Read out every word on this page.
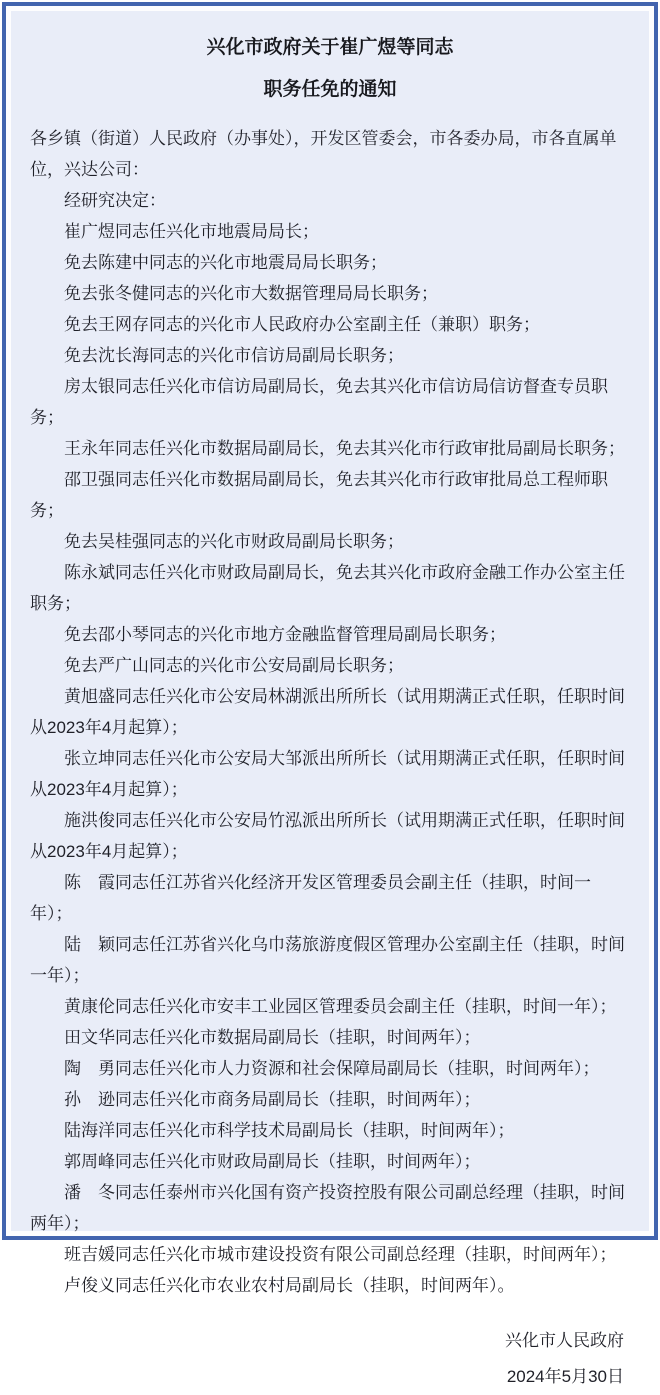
兴化市政府关于崔广煜等同志
职务任免的通知

各乡镇（街道）人民政府（办事处），开发区管委会，市各委办局，市各直属单位，兴达公司：

经研究决定：

崔广煜同志任兴化市地震局局长；

免去陈建中同志的兴化市地震局局长职务；

免去张冬健同志的兴化市大数据管理局局长职务；

免去王网存同志的兴化市人民政府办公室副主任（兼职）职务；

免去沈长海同志的兴化市信访局副局长职务；

房太银同志任兴化市信访局副局长，免去其兴化市信访局信访督查专员职务；

王永年同志任兴化市数据局副局长，免去其兴化市行政审批局副局长职务；

邵卫强同志任兴化市数据局副局长，免去其兴化市行政审批局总工程师职务；

免去吴桂强同志的兴化市财政局副局长职务；

陈永斌同志任兴化市财政局副局长，免去其兴化市政府金融工作办公室主任职务；

免去邵小琴同志的兴化市地方金融监督管理局副局长职务；

免去严广山同志的兴化市公安局副局长职务；

黄旭盛同志任兴化市公安局林湖派出所所长（试用期满正式任职，任职时间从2023年4月起算）；

张立坤同志任兴化市公安局大邹派出所所长（试用期满正式任职，任职时间从2023年4月起算）；

施洪俊同志任兴化市公安局竹泓派出所所长（试用期满正式任职，任职时间从2023年4月起算）；

陈　霞同志任江苏省兴化经济开发区管理委员会副主任（挂职，时间一年）；

陆　颖同志任江苏省兴化乌巾荡旅游度假区管理办公室副主任（挂职，时间一年）；

黄康伦同志任兴化市安丰工业园区管理委员会副主任（挂职，时间一年）；

田文华同志任兴化市数据局副局长（挂职，时间两年）；

陶　勇同志任兴化市人力资源和社会保障局副局长（挂职，时间两年）；

孙　逊同志任兴化市商务局副局长（挂职，时间两年）；

陆海洋同志任兴化市科学技术局副局长（挂职，时间两年）；

郭周峰同志任兴化市财政局副局长（挂职，时间两年）；

潘　冬同志任泰州市兴化国有资产投资控股有限公司副总经理（挂职，时间两年）；

班吉媛同志任兴化市城市建设投资有限公司副总经理（挂职，时间两年）；

卢俊义同志任兴化市农业农村局副局长（挂职，时间两年）。

兴化市人民政府
2024年5月30日
